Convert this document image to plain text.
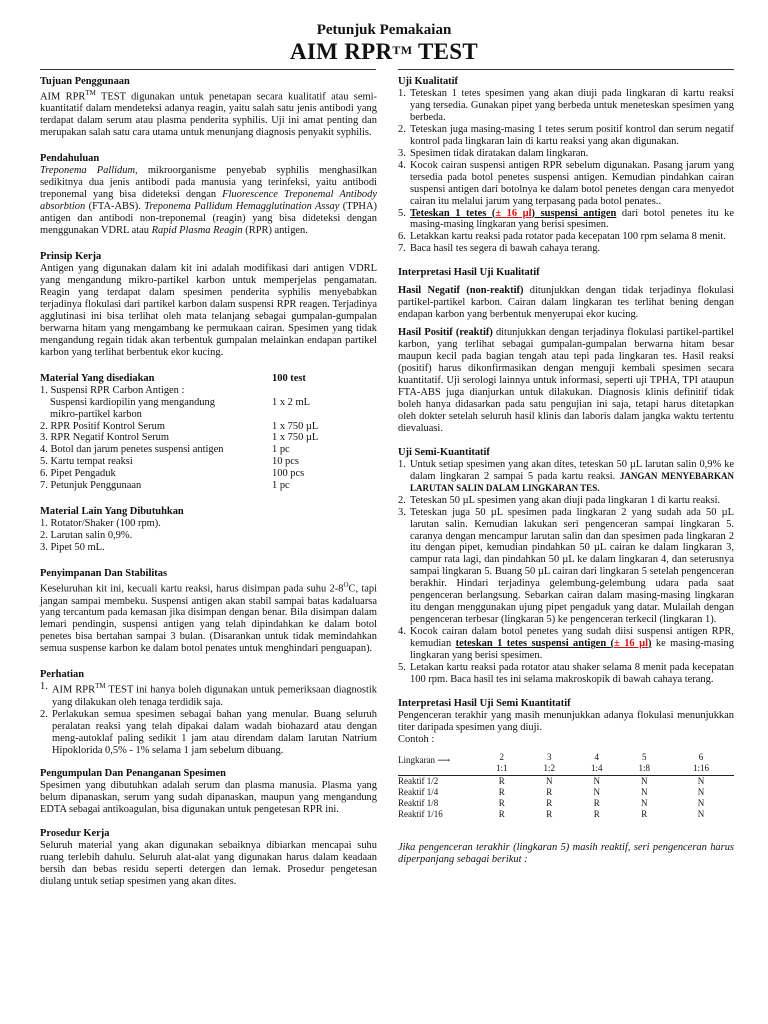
Petunjuk Pemakaian
AIM RPR™ TEST
Tujuan Penggunaan

AIM RPR™ TEST digunakan untuk penetapan secara kualitatif atau semi-kuantitatif dalam mendeteksi adanya reagin, yaitu salah satu jenis antibodi yang terdapat dalam serum atau plasma penderita syphilis. Uji ini amat penting dan merupakan salah satu cara utama untuk menunjang diagnosis penyakit syphilis.

Pendahuluan

Treponema Pallidum, mikroorganisme penyebab syphilis menghasilkan sedikitnya dua jenis antibodi pada manusia yang terinfeksi, yaitu antibodi treponemal yang bisa dideteksi dengan Fluorescence Treponemal Antibody absorbtion (FTA-ABS). Treponema Pallidum Hemagglutination Assay (TPHA) antigen dan antibodi non-treponemal (reagin) yang bisa dideteksi dengan menggunakan VDRL atau Rapid Plasma Reagin (RPR) antigen.

Prinsip Kerja

Antigen yang digunakan dalam kit ini adalah modifikasi dari antigen VDRL yang mengandung mikro-partikel karbon untuk memperjelas pengamatan. Reagin yang terdapat dalam spesimen penderita syphilis menyebabkan terjadinya flokulasi dari partikel karbon dalam suspensi RPR reagen. Terjadinya agglutinasi ini bisa terlihat oleh mata telanjang sebagai gumpalan-gumpalan berwarna hitam yang mengambang ke permukaan cairan. Spesimen yang tidak mengandung regain tidak akan terbentuk gumpalan melainkan endapan partikel karbon yang terlihat berbentuk ekor kucing.

Material Yang disediakan	100 test
1. Suspensi RPR Carbon Antigen :
Suspensi kardiopilin yang mengandung	1 x 2 mL
mikro-partikel karbon
2. RPR Positif Kontrol Serum	1 x 750 µL
3. RPR Negatif Kontrol Serum	1 x 750 µL
4. Botol dan jarum penetes suspensi antigen	1 pc
5. Kartu tempat reaksi	10 pcs
6. Pipet Pengaduk	100 pcs
7. Petunjuk Penggunaan	1 pc
Material Lain Yang Dibutuhkan
1. Rotator/Shaker (100 rpm).
2. Larutan salin 0,9%.
3. Pipet 50 mL.
Penyimpanan Dan Stabilitas

Keseluruhan kit ini, kecuali kartu reaksi, harus disimpan pada suhu $2-8^OC$, tapi jangan sampai membeku. Suspensi antigen akan stabil sampai batas kadaluarsa yang tercantum pada kemasan jika disimpan dengan benar. Bila disimpan dalam lemari pendingin, suspensi antigen yang telah dipindahkan ke dalam botol penetes bisa bertahan sampai 3 bulan. (Disarankan untuk tidak memindahkan semua suspense karbon ke dalam botol penates untuk menghindari penguapan).

Perhatian
1. AIM RPR™ TEST ini hanya boleh digunakan untuk pemeriksaan diagnostik yang dilakukan oleh tenaga terdidik saja.
2. Perlakukan semua spesimen sebagai bahan yang menular. Buang seluruh peralatan reaksi yang telah dipakai dalam wadah biohazard atau dengan meng-autoklaf paling sedikit 1 jam atau direndam dalam larutan Natrium Hipoklorida 0,5% - 1% selama 1 jam sebelum dibuang.
Pengumpulan Dan Penanganan Spesimen

Spesimen yang dibutuhkan adalah serum dan plasma manusia. Plasma yang belum dipanaskan, serum yang sudah dipanaskan, maupun yang mengandung EDTA sebagai antikoagulan, bisa digunakan untuk pengetesan RPR ini.

Prosedur Kerja

Seluruh material yang akan digunakan sebaiknya dibiarkan mencapai suhu ruang terlebih dahulu. Seluruh alat-alat yang digunakan harus dalam keadaan bersih dan bebas residu seperti detergen dan lemak. Prosedur pengetesan diulang untuk setiap spesimen yang akan dites.

Uji Kualitatif
1. Teteskan 1 tetes spesimen yang akan diuji pada lingkaran di kartu reaksi yang tersedia. Gunakan pipet yang berbeda untuk meneteskan spesimen yang berbeda.
2. Teteskan juga masing-masing 1 tetes serum positif kontrol dan serum negatif kontrol pada lingkaran lain di kartu reaksi yang akan digunakan.
3. Spesimen tidak diratakan dalam lingkaran.
4. Kocok cairan suspensi antigen RPR sebelum digunakan. Pasang jarum yang tersedia pada botol penetes suspensi antigen. Kemudian pindahkan cairan suspensi antigen dari botolnya ke dalam botol penetes dengan cara menyedot cairan itu melalui jarum yang terpasang pada botol penates..
5. Teteskan 1 tetes (± 16 µl) suspensi antigen dari botol penetes itu ke masing-masing lingkaran yang berisi spesimen.
6. Letakkan kartu reaksi pada rotator pada kecepatan 100 rpm selama 8 menit.
7. Baca hasil tes segera di bawah cahaya terang.
Interpretasi Hasil Uji Kualitatif

Hasil Negatif (non-reaktif) ditunjukkan dengan tidak terjadinya flokulasi partikel-partikel karbon. Cairan dalam lingkaran tes terlihat bening dengan endapan karbon yang berbentuk menyerupai ekor kucing.

Hasil Positif (reaktif) ditunjukkan dengan terjadinya flokulasi partikel-partikel karbon, yang terlihat sebagai gumpalan-gumpalan berwarna hitam besar maupun kecil pada bagian tengah atau tepi pada lingkaran tes. Hasil reaksi (positif) harus dikonfirmasikan dengan menguji kembali spesimen secara kuantitatif. Uji serologi lainnya untuk informasi, seperti uji TPHA, TPI ataupun FTA-ABS juga dianjurkan untuk dilakukan. Diagnosis klinis definitif tidak boleh hanya didasarkan pada satu pengujian ini saja, tetapi harus ditetapkan oleh dokter setelah seluruh hasil klinis dan laboris dalam jangka waktu tertentu dievaluasi.

Uji Semi-Kuantitatif
1. Untuk setiap spesimen yang akan dites, teteskan 50 µL larutan salin 0,9% ke dalam lingkaran 2 sampai 5 pada kartu reaksi. JANGAN MENYEBARKAN LARUTAN SALIN DALAM LINGKARAN TES.
2. Teteskan 50 µL spesimen yang akan diuji pada lingkaran 1 di kartu reaksi.
3. Teteskan juga 50 µL spesimen pada lingkaran 2 yang sudah ada 50 µL larutan salin. Kemudian lakukan seri pengenceran sampai lingkaran 5. caranya dengan mencampur larutan salin dan dan spesimen pada lingkaran 2 itu dengan pipet, kemudian pindahkan 50 µL cairan ke dalam lingkaran 3, campur rata lagi, dan pindahkan 50 µL ke dalam lingkaran 4, dan seterusnya sampai lingkaran 5. Buang 50 µL cairan dari lingkaran 5 setelah pengenceran berakhir. Hindari terjadinya gelembung-gelembung udara pada saat pengenceran berlangsung. Sebarkan cairan dalam masing-masing lingkaran itu dengan menggunakan ujung pipet pengaduk yang datar. Mulailah dengan pengenceran terbesar (lingkaran 5) ke pengenceran terkecil (lingkaran 1).
4. Kocok cairan dalam botol penetes yang sudah diisi suspensi antigen RPR, kemudian teteskan 1 tetes suspensi antigen (± 16 µl) ke masing-masing lingkaran yang berisi spesimen.
5. Letakan kartu reaksi pada rotator atau shaker selama 8 menit pada kecepatan 100 rpm. Baca hasil tes ini selama makroskopik di bawah cahaya terang.
Interpretasi Hasil Uji Semi Kuantitatif

Pengenceran terakhir yang masih menunjukkan adanya flokulasi menunjukkan titer daripada spesimen yang diuji.

Contoh :

	2	3	4	5	6

Lingkaran ⟶	1:1	1:2	1:4	1:8	1:16
Reaktif 1/2	R	N	N	N	N
Reaktif 1/4	R	R	N	N	N
Reaktif 1/8	R	R	R	N	N
Reaktif 1/16	R	R	R	R	N

Jika pengenceran terakhir (lingkaran 5) masih reaktif, seri pengenceran harus diperpanjang sebagai berikut :
